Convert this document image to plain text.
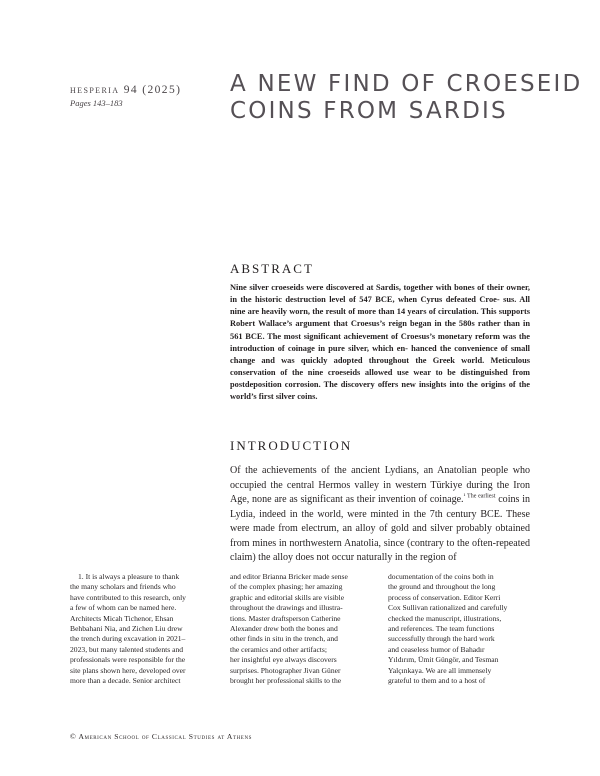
hesperia 94 (2025)
Pages 143–183
A NEW FIND OF CROESEID
COINS FROM SARDIS
ABSTRACT

Nine silver croeseids were discovered at Sardis, together with bones of their owner, in the historic destruction level of 547 BCE, when Cyrus defeated Croe- sus. All nine are heavily worn, the result of more than 14 years of circulation. This supports Robert Wallace’s argument that Croesus’s reign began in the 580s rather than in 561 BCE. The most significant achievement of Croesus’s monetary reform was the introduction of coinage in pure silver, which en- hanced the convenience of small change and was quickly adopted throughout the Greek world. Meticulous conservation of the nine croeseids allowed use wear to be distinguished from postdeposition corrosion. The discovery offers new insights into the origins of the world’s first silver coins.

INTRODUCTION

Of the achievements of the ancient Lydians, an Anatolian people who occupied the central Hermos valley in western Türkiye during the Iron Age, none are as significant as their invention of coinage.$^{^1 The earliest}$ coins in Lydia, indeed in the world, were minted in the 7th century BCE. These were made from electrum, an alloy of gold and silver probably obtained from mines in northwestern Anatolia, since (contrary to the often-repeated claim) the alloy does not occur naturally in the region of

1. It is always a pleasure to thank
the many scholars and friends who
have contributed to this research, only
a few of whom can be named here.
Architects Micah Tichenor, Ehsan
Behbahani Nia, and Zichen Liu drew
the trench during excavation in 2021–
2023, but many talented students and
professionals were responsible for the
site plans shown here, developed over
more than a decade. Senior architect
and editor Brianna Bricker made sense
of the complex phasing; her amazing
graphic and editorial skills are visible
throughout the drawings and illustra-
tions. Master draftsperson Catherine
Alexander drew both the bones and
other finds in situ in the trench, and
the ceramics and other artifacts;
her insightful eye always discovers
surprises. Photographer Jivan Güner
brought her professional skills to the
documentation of the coins both in
the ground and throughout the long
process of conservation. Editor Kerri
Cox Sullivan rationalized and carefully
checked the manuscript, illustrations,
and references. The team functions
successfully through the hard work
and ceaseless humor of Bahadır
Yıldırım, Ümit Güngör, and Tesman
Yalçınkaya. We are all immensely
grateful to them and to a host of
© American School of Classical Studies at Athens
